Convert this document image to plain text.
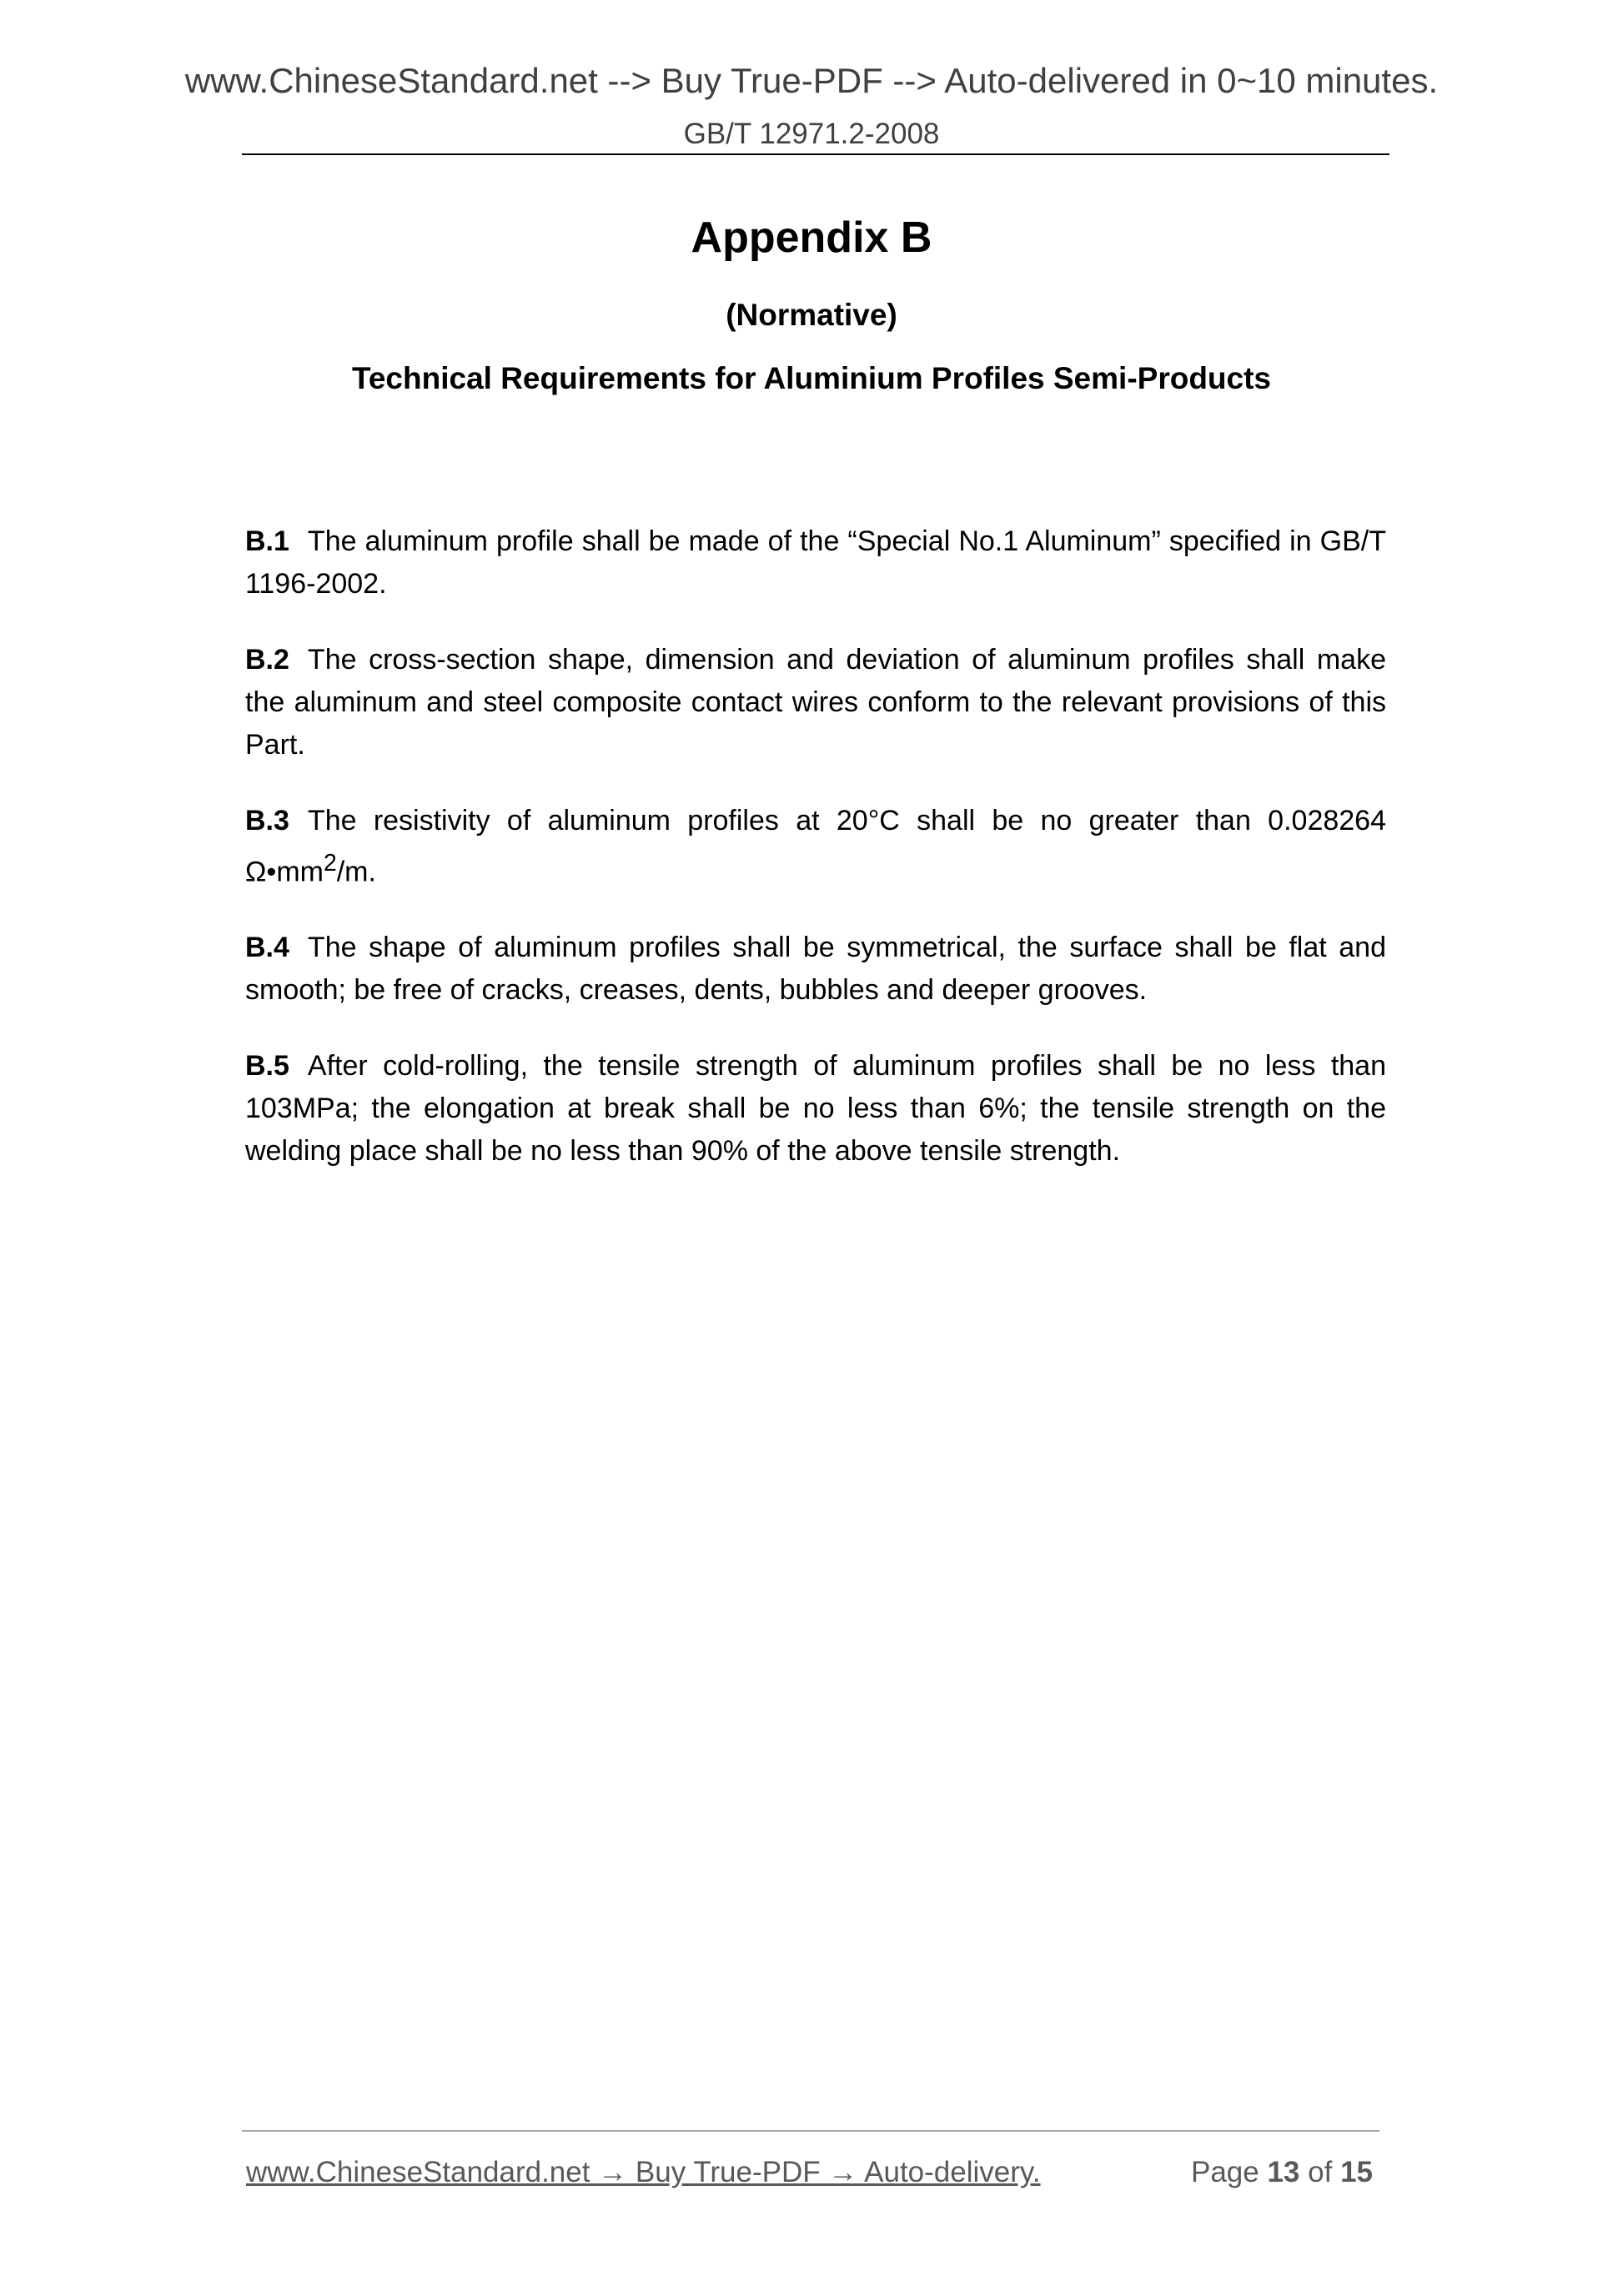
www.ChineseStandard.net --> Buy True-PDF --> Auto-delivered in 0~10 minutes.
GB/T 12971.2-2008
Appendix B
(Normative)
Technical Requirements for Aluminium Profiles Semi-Products

B.1 The aluminum profile shall be made of the “Special No.1 Aluminum” specified in GB/T 1196-2002.

B.2 The cross-section shape, dimension and deviation of aluminum profiles shall make the aluminum and steel composite contact wires conform to the relevant provisions of this Part.

B.3 The resistivity of aluminum profiles at 20°C shall be no greater than 0.028264 $\Omega•mm^2/m$.

B.4 The shape of aluminum profiles shall be symmetrical, the surface shall be flat and smooth; be free of cracks, creases, dents, bubbles and deeper grooves.

B.5 After cold-rolling, the tensile strength of aluminum profiles shall be no less than 103MPa; the elongation at break shall be no less than 6%; the tensile strength on the welding place shall be no less than 90% of the above tensile strength.

www.ChineseStandard.net → Buy True-PDF → Auto-delivery.	Page 13 of 15
